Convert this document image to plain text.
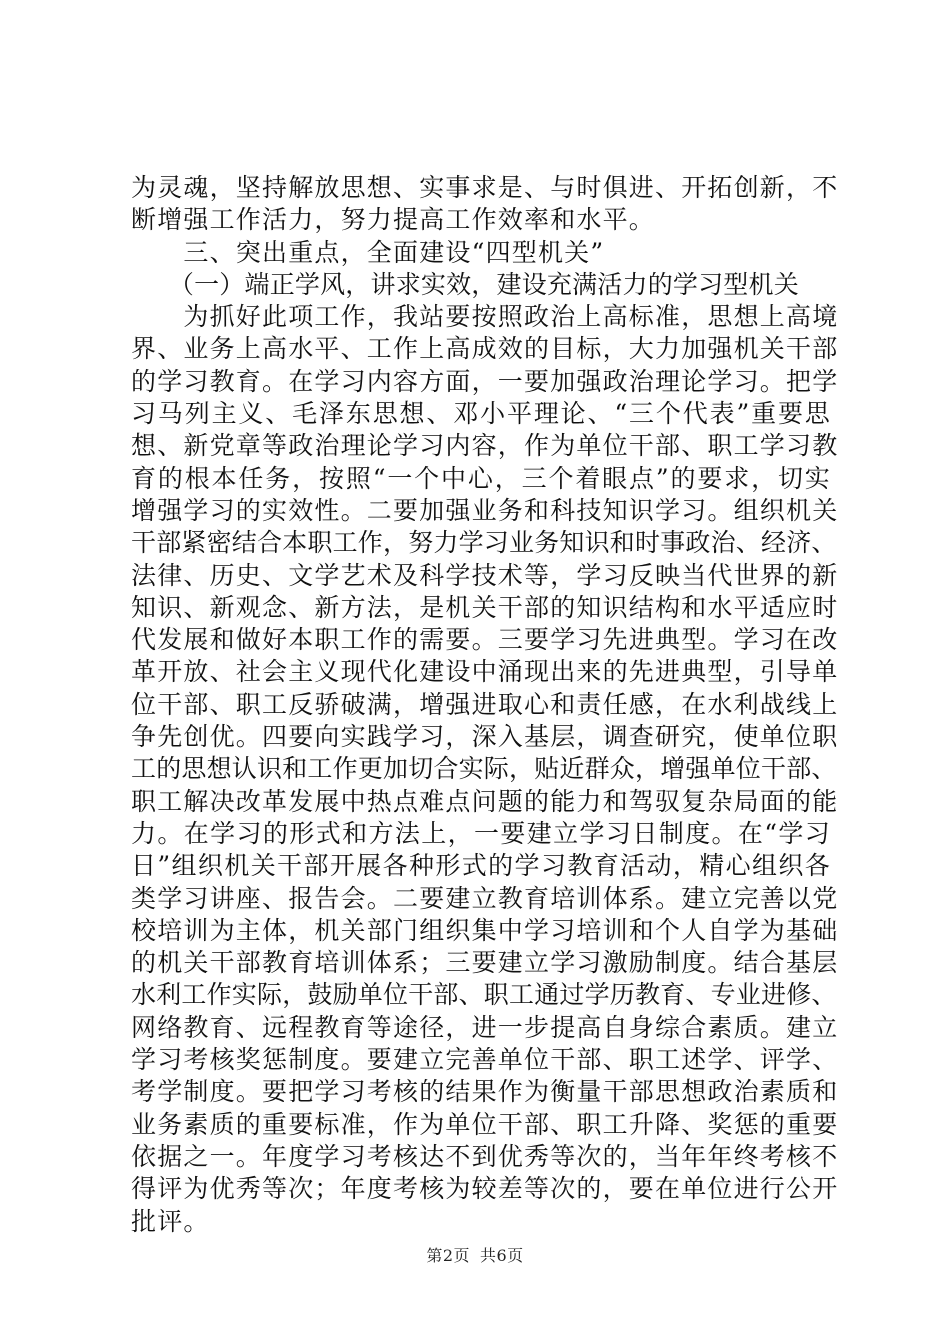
为灵魂，坚持解放思想、实事求是、与时俱进、开拓创新，不
断增强工作活力，努力提高工作效率和水平。
　　三、突出重点，全面建设“四型机关”
　　（一）端正学风，讲求实效，建设充满活力的学习型机关
　　为抓好此项工作，我站要按照政治上高标准，思想上高境
界、业务上高水平、工作上高成效的目标，大力加强机关干部
的学习教育。在学习内容方面，一要加强政治理论学习。把学
习马列主义、毛泽东思想、邓小平理论、“三个代表”重要思
想、新党章等政治理论学习内容，作为单位干部、职工学习教
育的根本任务，按照“一个中心，三个着眼点”的要求，切实
增强学习的实效性。二要加强业务和科技知识学习。组织机关
干部紧密结合本职工作，努力学习业务知识和时事政治、经济、
法律、历史、文学艺术及科学技术等，学习反映当代世界的新
知识、新观念、新方法，是机关干部的知识结构和水平适应时
代发展和做好本职工作的需要。三要学习先进典型。学习在改
革开放、社会主义现代化建设中涌现出来的先进典型，引导单
位干部、职工反骄破满，增强进取心和责任感，在水利战线上
争先创优。四要向实践学习，深入基层，调查研究，使单位职
工的思想认识和工作更加切合实际，贴近群众，增强单位干部、
职工解决改革发展中热点难点问题的能力和驾驭复杂局面的能
力。在学习的形式和方法上，一要建立学习日制度。在“学习
日”组织机关干部开展各种形式的学习教育活动，精心组织各
类学习讲座、报告会。二要建立教育培训体系。建立完善以党
校培训为主体，机关部门组织集中学习培训和个人自学为基础
的机关干部教育培训体系；三要建立学习激励制度。结合基层
水利工作实际，鼓励单位干部、职工通过学历教育、专业进修、
网络教育、远程教育等途径，进一步提高自身综合素质。建立
学习考核奖惩制度。要建立完善单位干部、职工述学、评学、
考学制度。要把学习考核的结果作为衡量干部思想政治素质和
业务素质的重要标准，作为单位干部、职工升降、奖惩的重要
依据之一。年度学习考核达不到优秀等次的，当年年终考核不
得评为优秀等次；年度考核为较差等次的，要在单位进行公开
批评。
第2页 共6页
